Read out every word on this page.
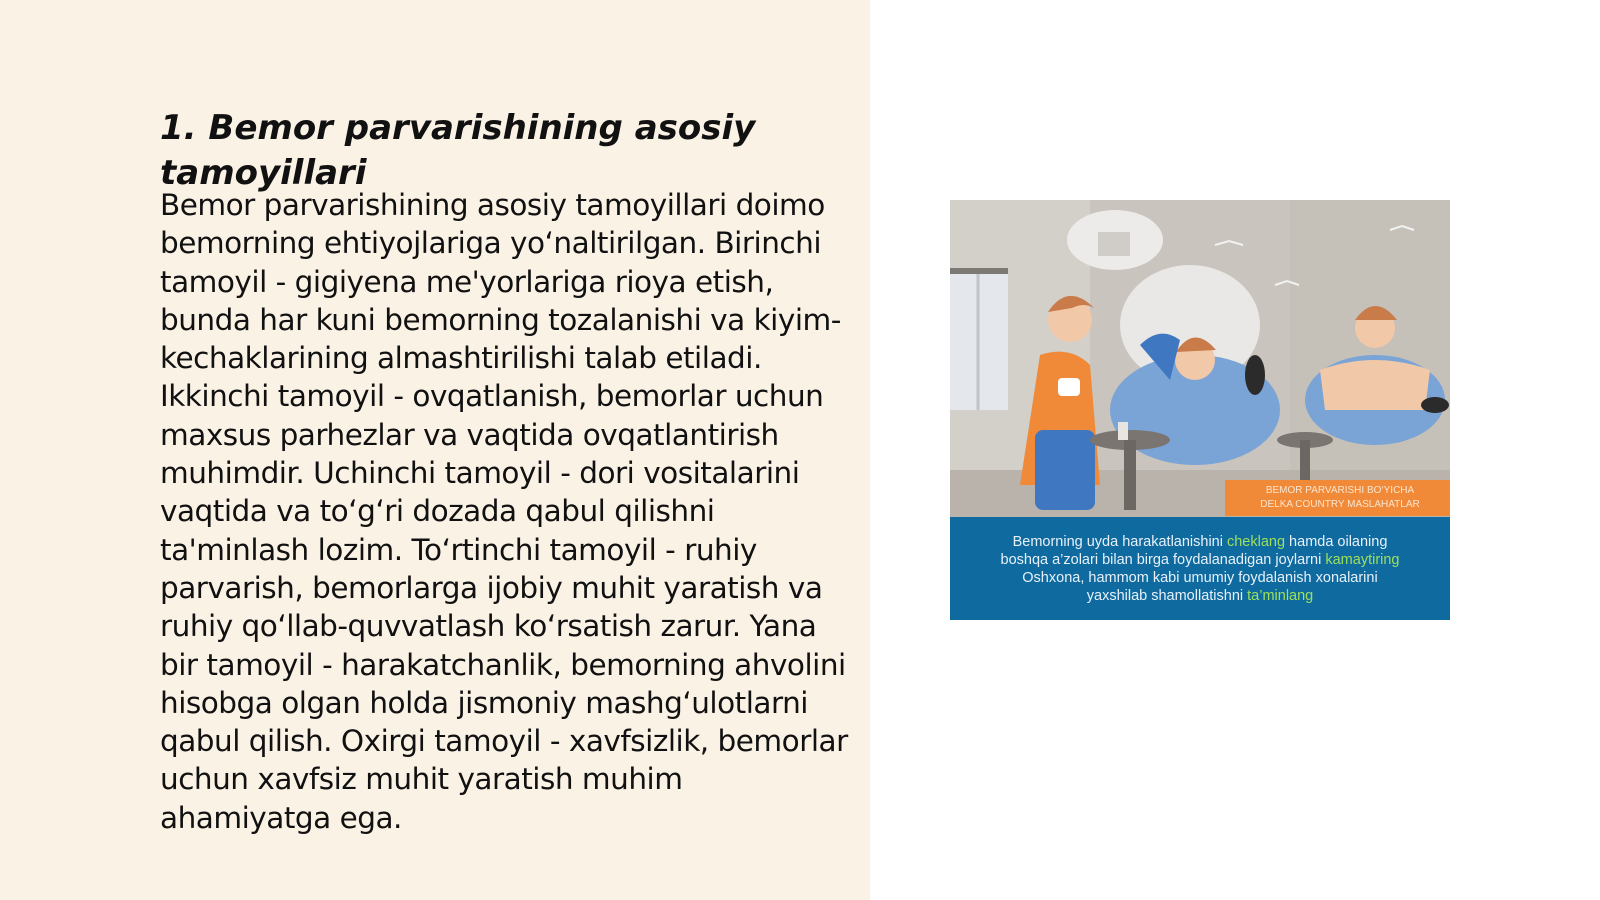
1. Bemor parvarishining asosiy tamoyillari

Bemor parvarishining asosiy tamoyillari doimo bemorning ehtiyojlariga yo‘naltirilgan. Birinchi tamoyil - gigiyena me'yorlariga rioya etish, bunda har kuni bemorning tozalanishi va kiyim-kechaklarining almashtirilishi talab etiladi. Ikkinchi tamoyil - ovqatlanish, bemorlar uchun maxsus parhezlar va vaqtida ovqatlantirish muhimdir. Uchinchi tamoyil - dori vositalarini vaqtida va to‘g‘ri dozada qabul qilishni ta'minlash lozim. To‘rtinchi tamoyil - ruhiy parvarish, bemorlarga ijobiy muhit yaratish va ruhiy qo‘llab-quvvatlash ko‘rsatish zarur. Yana bir tamoyil - harakatchanlik, bemorning ahvolini hisobga olgan holda jismoniy mashg‘ulotlarni qabul qilish. Oxirgi tamoyil - xavfsizlik, bemorlar uchun xavfsiz muhit yaratish muhim ahamiyatga ega.

BEMOR PARVARISHI BO‘YICHA
DELKA COUNTRY MASLAHATLAR
Bemorning uyda harakatlanishini cheklang hamda oilaning
boshqa a’zolari bilan birga foydalanadigan joylarni kamaytiring
Oshxona, hammom kabi umumiy foydalanish xonalarini
yaxshilab shamollatishni ta’minlang
